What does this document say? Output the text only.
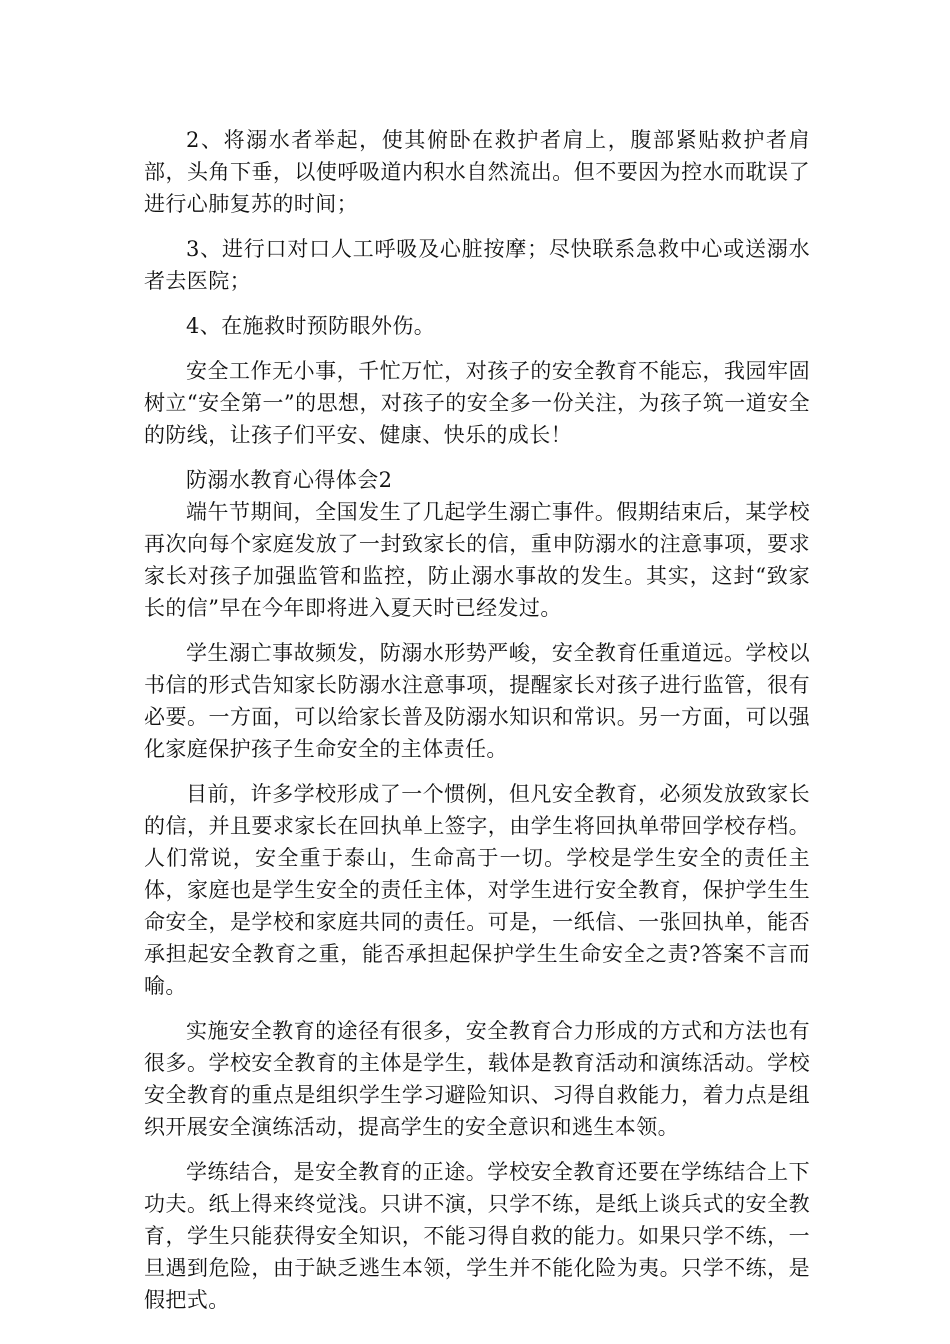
2、将溺水者举起，使其俯卧在救护者肩上，腹部紧贴救护者肩部，头角下垂，以使呼吸道内积水自然流出。但不要因为控水而耽误了进行心肺复苏的时间；

3、进行口对口人工呼吸及心脏按摩；尽快联系急救中心或送溺水者去医院；

4、在施救时预防眼外伤。

安全工作无小事，千忙万忙，对孩子的安全教育不能忘，我园牢固树立“安全第一”的思想，对孩子的安全多一份关注，为孩子筑一道安全的防线，让孩子们平安、健康、快乐的成长！

防溺水教育心得体会2

端午节期间，全国发生了几起学生溺亡事件。假期结束后，某学校再次向每个家庭发放了一封致家长的信，重申防溺水的注意事项，要求家长对孩子加强监管和监控，防止溺水事故的发生。其实，这封“致家长的信”早在今年即将进入夏天时已经发过。

学生溺亡事故频发，防溺水形势严峻，安全教育任重道远。学校以书信的形式告知家长防溺水注意事项，提醒家长对孩子进行监管，很有必要。一方面，可以给家长普及防溺水知识和常识。另一方面，可以强化家庭保护孩子生命安全的主体责任。

目前，许多学校形成了一个惯例，但凡安全教育，必须发放致家长的信，并且要求家长在回执单上签字，由学生将回执单带回学校存档。人们常说，安全重于泰山，生命高于一切。学校是学生安全的责任主体，家庭也是学生安全的责任主体，对学生进行安全教育，保护学生生命安全，是学校和家庭共同的责任。可是，一纸信、一张回执单，能否承担起安全教育之重，能否承担起保护学生生命安全之责?答案不言而喻。

实施安全教育的途径有很多，安全教育合力形成的方式和方法也有很多。学校安全教育的主体是学生，载体是教育活动和演练活动。学校安全教育的重点是组织学生学习避险知识、习得自救能力，着力点是组织开展安全演练活动，提高学生的安全意识和逃生本领。

学练结合，是安全教育的正途。学校安全教育还要在学练结合上下功夫。纸上得来终觉浅。只讲不演，只学不练，是纸上谈兵式的安全教育，学生只能获得安全知识，不能习得自救的能力。如果只学不练，一旦遇到危险，由于缺乏逃生本领，学生并不能化险为夷。只学不练，是假把式。
